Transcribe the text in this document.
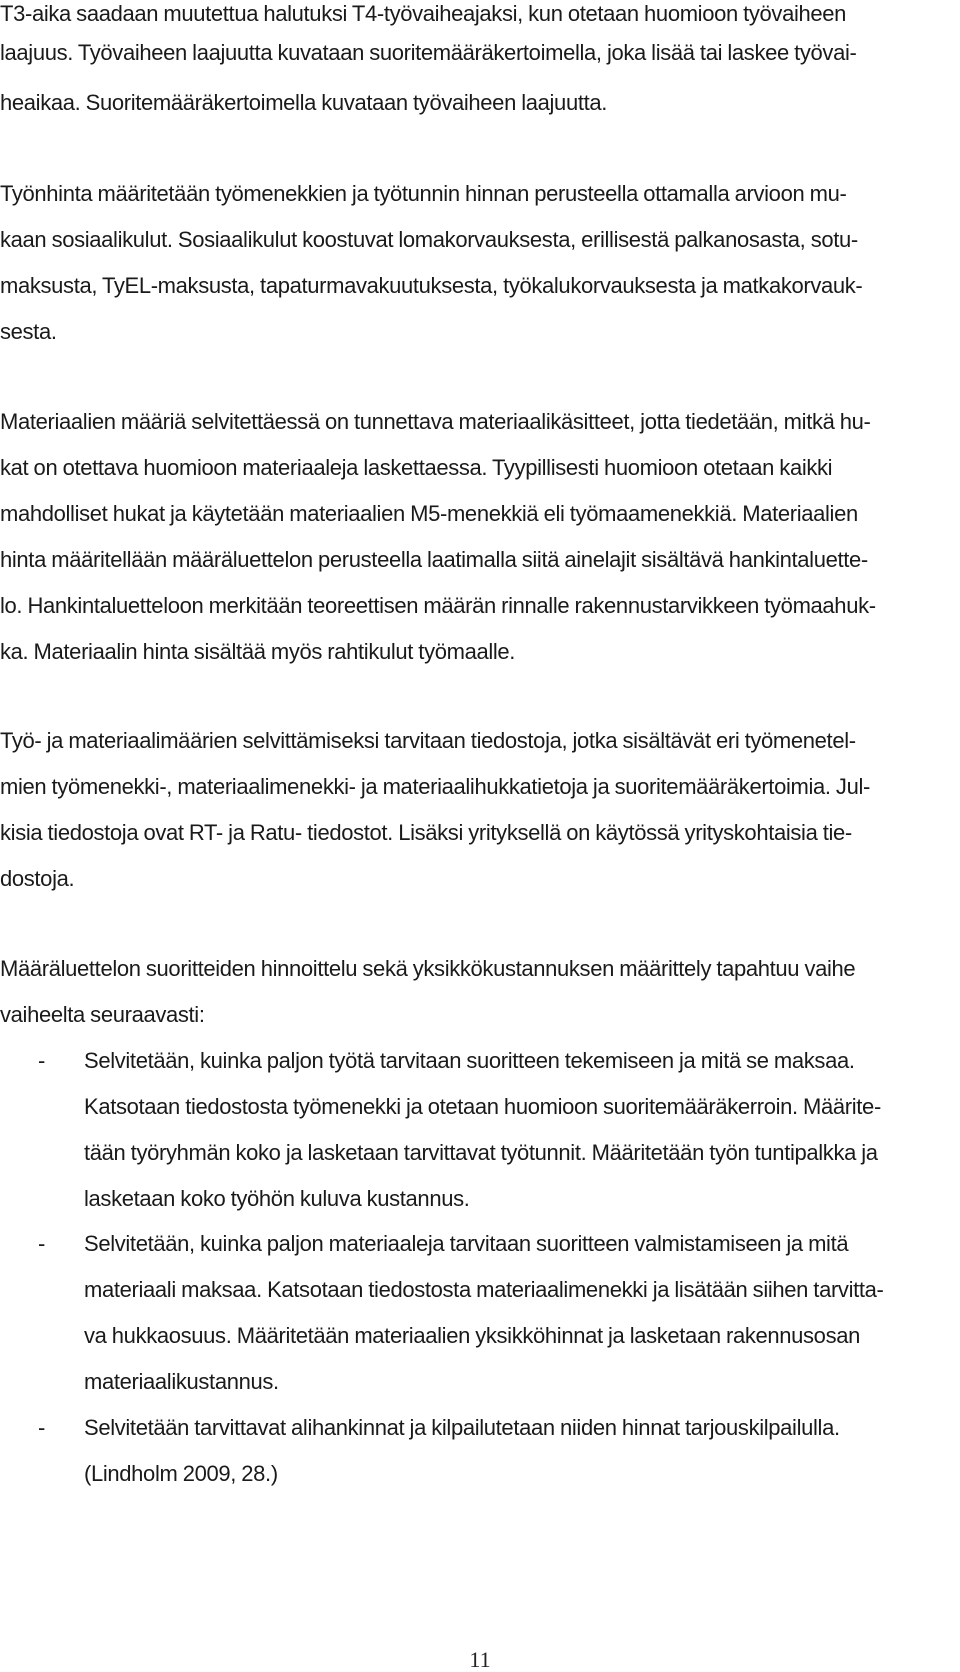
T3-aika saadaan muutettua halutuksi T4-työvaiheajaksi, kun otetaan huomioon työvaiheen
laajuus. Työvaiheen laajuutta kuvataan suoritemääräkertoimella, joka lisää tai laskee työvai-
heaikaa. Suoritemääräkertoimella kuvataan työvaiheen laajuutta.
Työnhinta määritetään työmenekkien ja työtunnin hinnan perusteella ottamalla arvioon mu-
kaan sosiaalikulut. Sosiaalikulut koostuvat lomakorvauksesta, erillisestä palkanosasta, sotu-
maksusta, TyEL-maksusta, tapaturmavakuutuksesta, työkalukorvauksesta ja matkakorvauk-
sesta.
Materiaalien määriä selvitettäessä on tunnettava materiaalikäsitteet, jotta tiedetään, mitkä hu-
kat on otettava huomioon materiaaleja laskettaessa. Tyypillisesti huomioon otetaan kaikki
mahdolliset hukat ja käytetään materiaalien M5-menekkiä eli työmaamenekkiä. Materiaalien
hinta määritellään määräluettelon perusteella laatimalla siitä ainelajit sisältävä hankintaluette-
lo. Hankintaluetteloon merkitään teoreettisen määrän rinnalle rakennustarvikkeen työmaahuk-
ka. Materiaalin hinta sisältää myös rahtikulut työmaalle.
Työ- ja materiaalimäärien selvittämiseksi tarvitaan tiedostoja, jotka sisältävät eri työmenetel-
mien työmenekki-, materiaalimenekki- ja materiaalihukkatietoja ja suoritemääräkertoimia. Jul-
kisia tiedostoja ovat RT- ja Ratu- tiedostot. Lisäksi yrityksellä on käytössä yrityskohtaisia tie-
dostoja.
Määräluettelon suoritteiden hinnoittelu sekä yksikkökustannuksen määrittely tapahtuu vaihe
vaiheelta seuraavasti:
- Selvitetään, kuinka paljon työtä tarvitaan suoritteen tekemiseen ja mitä se maksaa.
Katsotaan tiedostosta työmenekki ja otetaan huomioon suoritemääräkerroin. Määrite-
tään työryhmän koko ja lasketaan tarvittavat työtunnit. Määritetään työn tuntipalkka ja
lasketaan koko työhön kuluva kustannus.
- Selvitetään, kuinka paljon materiaaleja tarvitaan suoritteen valmistamiseen ja mitä
materiaali maksaa. Katsotaan tiedostosta materiaalimenekki ja lisätään siihen tarvitta-
va hukkaosuus. Määritetään materiaalien yksikköhinnat ja lasketaan rakennusosan
materiaalikustannus.
- Selvitetään tarvittavat alihankinnat ja kilpailutetaan niiden hinnat tarjouskilpailulla.
(Lindholm 2009, 28.)
11
